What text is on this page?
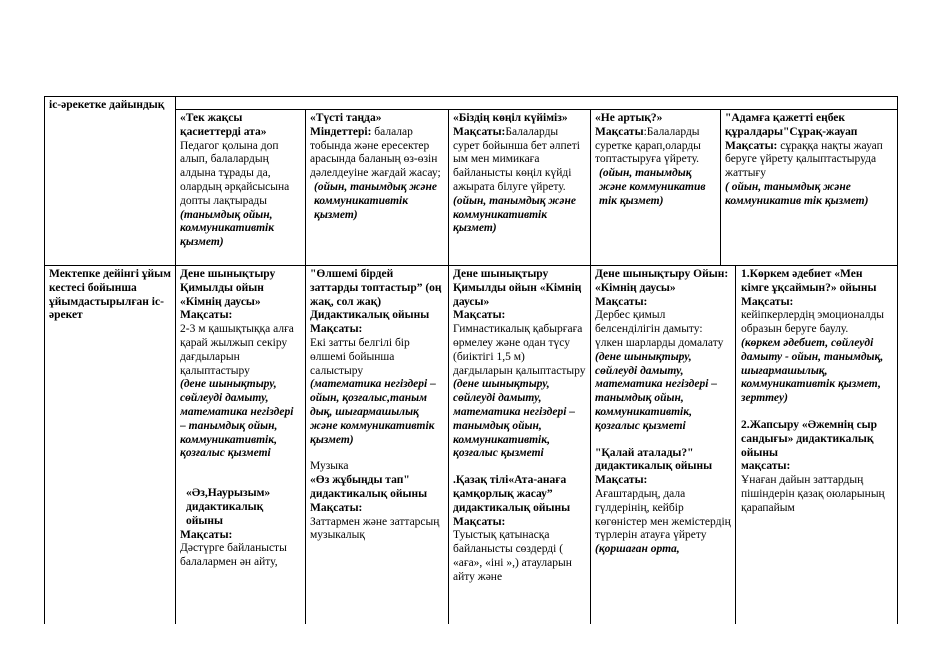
іс-әрекетке дайындық

«Тек жақсы қасиеттерді ата»

Педагог қолына доп алып, балалардың алдына тұрады да, олардың әрқайсысына допты лақтырады

(танымдық ойын, коммуникативтік қызмет)

«Түсті таңда»

Міндеттері: балалар тобында және ересектер арасында баланың өз-өзін дәлелдеуіне жағдай жасау;

(ойын, танымдық және коммуникативтік қызмет)

«Біздің көңіл күйіміз»

Мақсаты:Балаларды сурет бойынша бет әлпеті ым мен мимикаға байланысты көңіл күйді ажырата білуге үйрету.

(ойын, танымдық және коммуникативтік қызмет)

«Не артық?»

Мақсаты:Балаларды суретке қарап,оларды топтастыруға үйрету.

(ойын, танымдық және коммуникатив тік қызмет)

"Адамға қажетті еңбек құралдары"Сұрақ-жауап

Мақсаты: сұраққа нақты жауап беруге үйрету қалыптастыруда жаттығу

( ойын, танымдық және коммуникатив тік қызмет)

Мектепке дейінгі ұйым кестесі бойынша ұйымдастырылған іс-әрекет

Дене шынықтыру Қимылды ойын «Кімнің даусы»

Мақсаты:

2-3 м қашықтыққа алға қарай жылжып секіру дағдыларын қалыптастыру

(дене шынықтыру, сөйлеуді дамыту, математика негіздері – танымдық ойын, коммуникативтік, қозғалыс қызметі

«Әз,Наурызым» дидактикалық ойыны

Мақсаты:

Дәстүрге байланысты балалармен ән айту,

"Өлшемі бірдей заттарды топтастыр” (оң жақ, сол жақ) Дидактикалық ойыны

Мақсаты:

Екі затты белгілі бір өлшемі бойынша салыстыру

(математика негіздері – ойын, қозғалыс,таным дық, шығармашылық және коммуникативтік қызмет)

Музыка

«Өз жұбыңды тап" дидактикалық ойыны

Мақсаты:

Заттармен және заттарсың музыкалық

Дене шынықтыру Қимылды ойын «Кімнің даусы»

Мақсаты:

Гимнастикалық қабырғаға өрмелеу және одан түсу (биіктігі 1,5 м) дағдыларын қалыптастыру

(дене шынықтыру, сөйлеуді дамыту, математика негіздері – танымдық ойын, коммуникативтік, қозғалыс қызметі

.Қазақ тілі«Ата-анаға қамқорлық жасау” дидактикалық ойыны

Мақсаты:

Туыстық қатынасқа байланысты сөздерді ( «аға», «іні »,) атауларын айту және

Дене шынықтыру Ойын: «Кімнің даусы»

Мақсаты:

Дербес қимыл белсенділігін дамыту: үлкен шарларды домалату

(дене шынықтыру, сөйлеуді дамыту, математика негіздері – танымдық ойын, коммуникативтік, қозғалыс қызметі

"Қалай аталады?" дидактикалық ойыны

Мақсаты:

Ағаштардың, дала гүлдерінің, кейбір көгөністер мен жемістердің түрлерін атауға үйрету

(қоршаған орта,

1.Көркем әдебиет «Мен кімге ұқсаймын?» ойыны

Мақсаты:

кейіпкерлердің эмоционалды образын беруге баулу.

(көркем әдебиет, сөйлеуді дамыту - ойын, танымдық, шығармашылық, коммуникативтік қызмет, зерттеу)

2.Жапсыру «Әжемнің сыр сандығы» дидактикалық ойыны

мақсаты:

Ұнаған дайын заттардың пішіндерін қазақ оюларының қарапайым
